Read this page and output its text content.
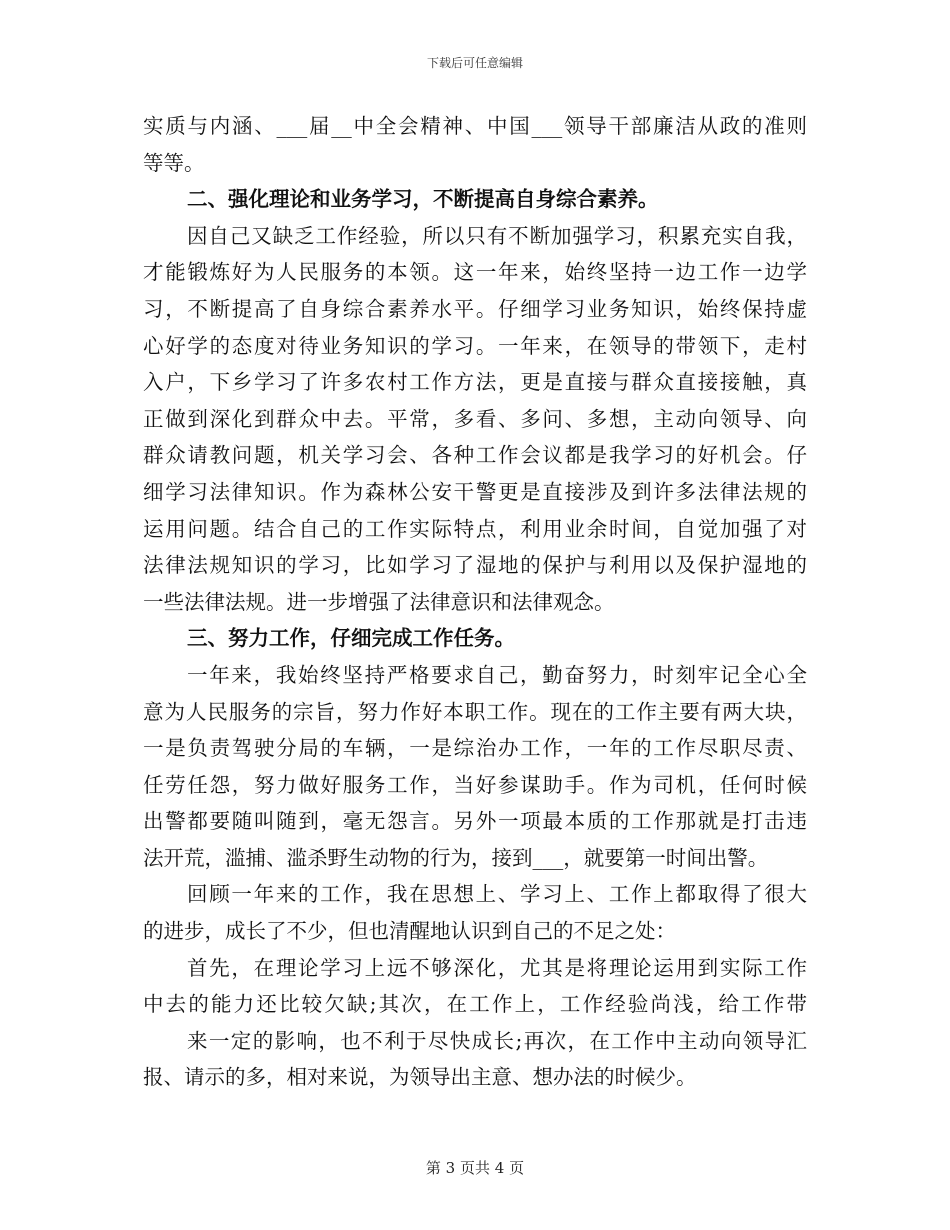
下载后可任意编辑
实质与内涵、___届__中全会精神、中国___领导干部廉洁从政的准则
等等。
二、强化理论和业务学习，不断提高自身综合素养。
因自己又缺乏工作经验，所以只有不断加强学习，积累充实自我，
才能锻炼好为人民服务的本领。这一年来，始终坚持一边工作一边学
习，不断提高了自身综合素养水平。仔细学习业务知识，始终保持虚
心好学的态度对待业务知识的学习。一年来，在领导的带领下，走村
入户，下乡学习了许多农村工作方法，更是直接与群众直接接触，真
正做到深化到群众中去。平常，多看、多问、多想，主动向领导、向
群众请教问题，机关学习会、各种工作会议都是我学习的好机会。仔
细学习法律知识。作为森林公安干警更是直接涉及到许多法律法规的
运用问题。结合自己的工作实际特点，利用业余时间，自觉加强了对
法律法规知识的学习，比如学习了湿地的保护与利用以及保护湿地的
一些法律法规。进一步增强了法律意识和法律观念。
三、努力工作，仔细完成工作任务。
一年来，我始终坚持严格要求自己，勤奋努力，时刻牢记全心全
意为人民服务的宗旨，努力作好本职工作。现在的工作主要有两大块，
一是负责驾驶分局的车辆，一是综治办工作，一年的工作尽职尽责、
任劳任怨，努力做好服务工作，当好参谋助手。作为司机，任何时候
出警都要随叫随到，毫无怨言。另外一项最本质的工作那就是打击违
法开荒，滥捕、滥杀野生动物的行为，接到___，就要第一时间出警。
回顾一年来的工作，我在思想上、学习上、工作上都取得了很大
的进步，成长了不少，但也清醒地认识到自己的不足之处：
首先，在理论学习上远不够深化，尤其是将理论运用到实际工作
中去的能力还比较欠缺;其次，在工作上，工作经验尚浅，给工作带
来一定的影响，也不利于尽快成长;再次，在工作中主动向领导汇
报、请示的多，相对来说，为领导出主意、想办法的时候少。
第 3 页共 4 页
